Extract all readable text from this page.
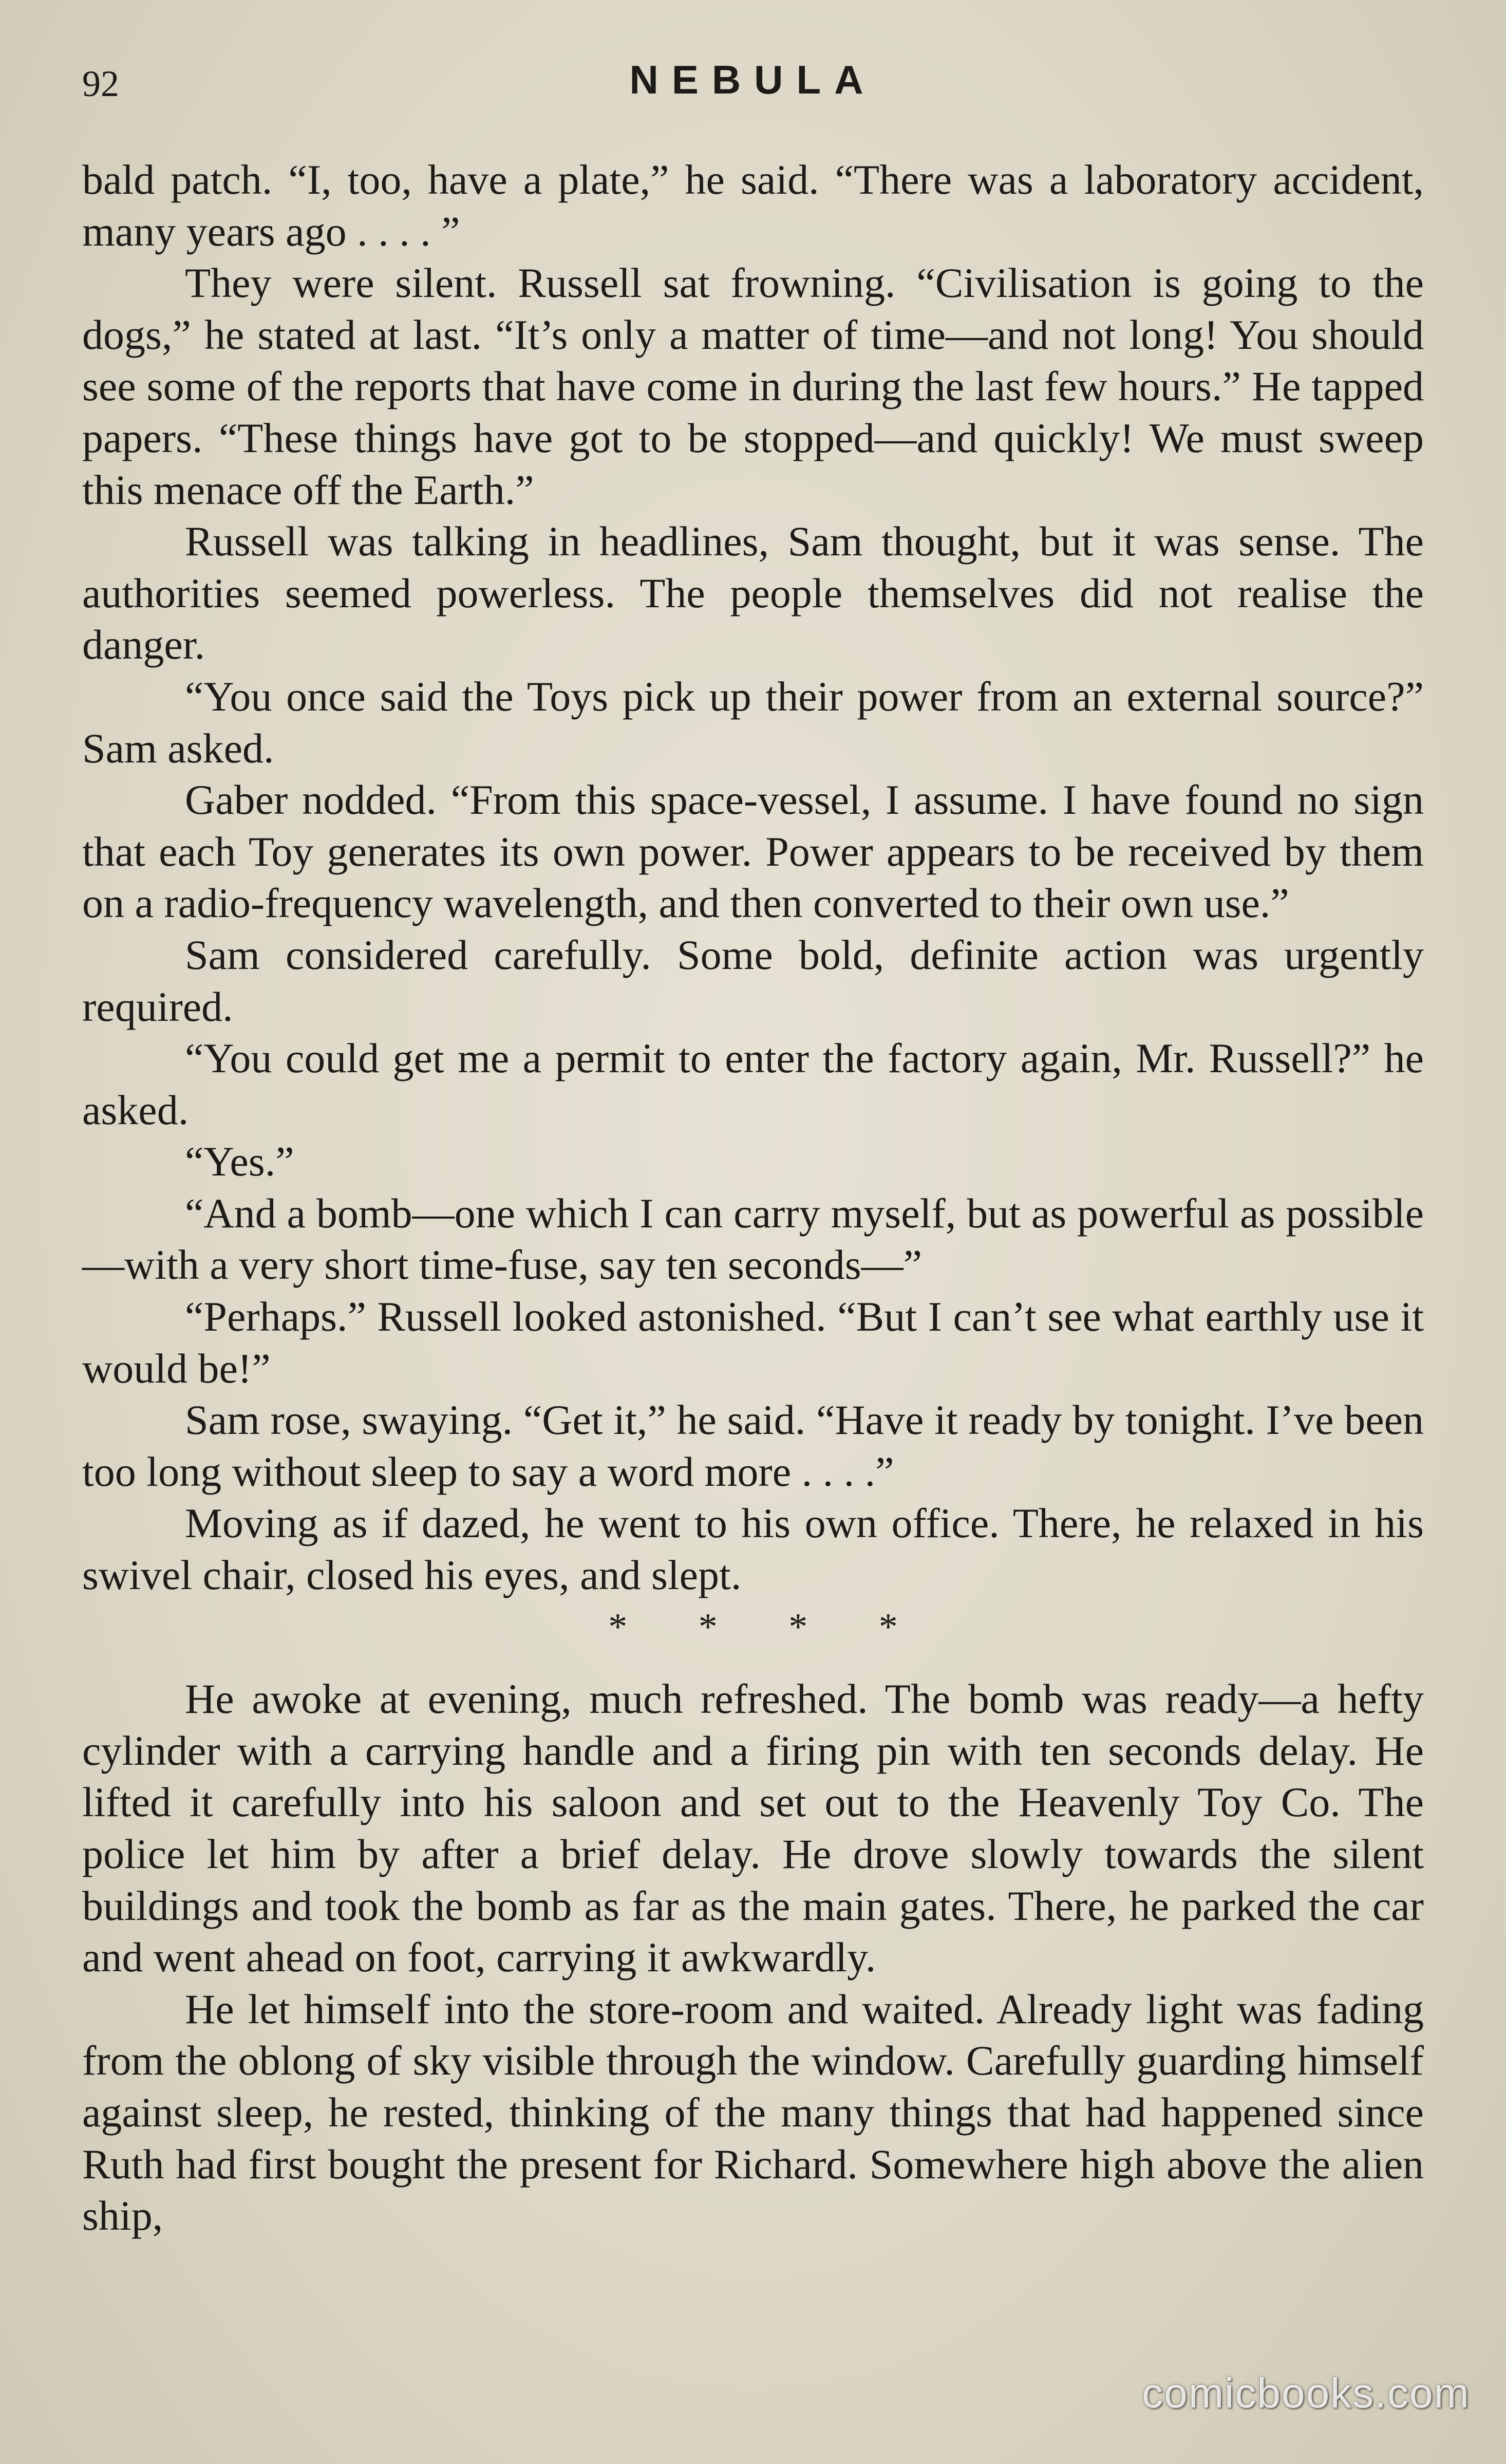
92	NEBULA

bald patch. “I, too, have a plate,” he said. “There was a laboratory accident, many years ago . . . . ”

They were silent. Russell sat frowning. “Civilisation is going to the dogs,” he stated at last. “It’s only a matter of time—and not long! You should see some of the reports that have come in during the last few hours.” He tapped papers. “These things have got to be stopped—and quickly! We must sweep this menace off the Earth.”

Russell was talking in headlines, Sam thought, but it was sense. The authorities seemed powerless. The people themselves did not realise the danger.

“You once said the Toys pick up their power from an external source?” Sam asked.

Gaber nodded. “From this space-vessel, I assume. I have found no sign that each Toy generates its own power. Power appears to be received by them on a radio-frequency wavelength, and then converted to their own use.”

Sam considered carefully. Some bold, definite action was urgently required.

“You could get me a permit to enter the factory again, Mr. Russell?” he asked.

“Yes.”

“And a bomb—one which I can carry myself, but as powerful as possible—with a very short time-fuse, say ten seconds—”

“Perhaps.” Russell looked astonished. “But I can’t see what earthly use it would be!”

Sam rose, swaying. “Get it,” he said. “Have it ready by tonight. I’ve been too long without sleep to say a word more . . . .”

Moving as if dazed, he went to his own office. There, he relaxed in his swivel chair, closed his eyes, and slept.

* * * *

He awoke at evening, much refreshed. The bomb was ready—a hefty cylinder with a carrying handle and a firing pin with ten seconds delay. He lifted it carefully into his saloon and set out to the Heavenly Toy Co. The police let him by after a brief delay. He drove slowly towards the silent buildings and took the bomb as far as the main gates. There, he parked the car and went ahead on foot, carrying it awkwardly.

He let himself into the store-room and waited. Already light was fading from the oblong of sky visible through the window. Carefully guarding himself against sleep, he rested, thinking of the many things that had happened since Ruth had first bought the present for Richard. Somewhere high above the alien ship,

comicbooks.com
